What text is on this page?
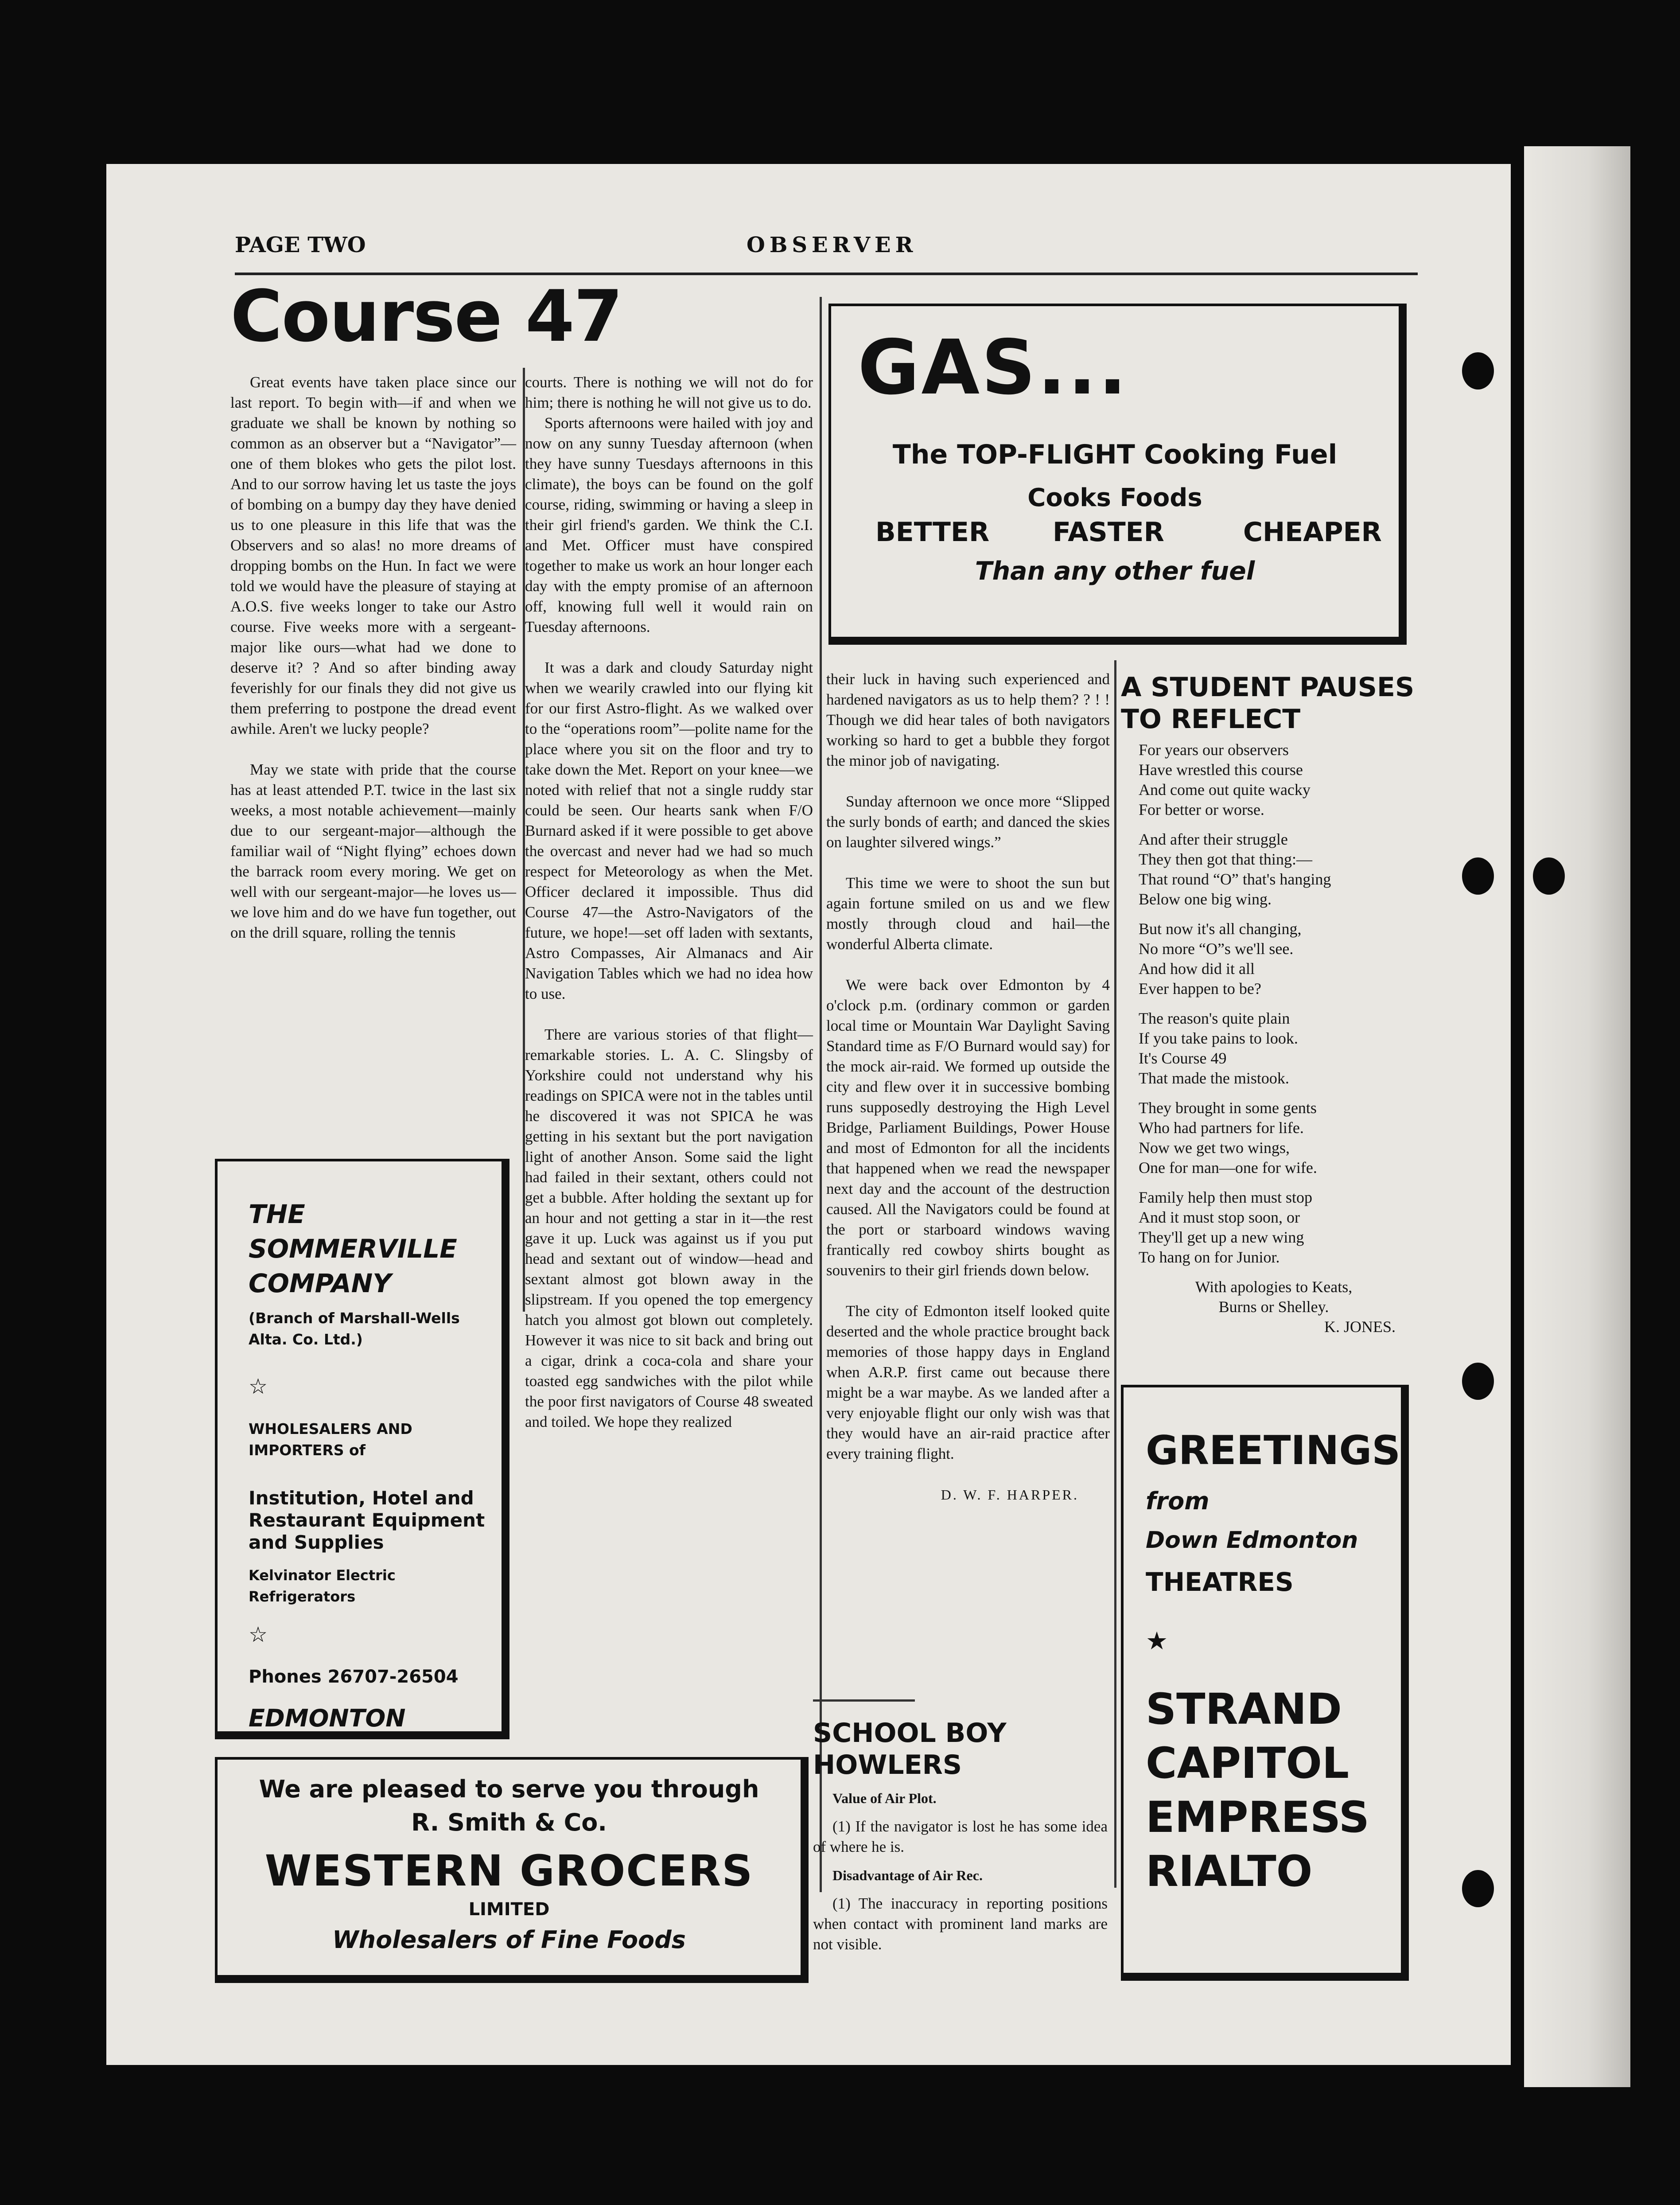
PAGE TWO	OBSERVER
Course 47

Great events have taken place since our last report. To begin with—if and when we graduate we shall be known by nothing so common as an observer but a “Navigator”—one of them blokes who gets the pilot lost. And to our sorrow having let us taste the joys of bombing on a bumpy day they have denied us to one pleasure in this life that was the Observers and so alas! no more dreams of dropping bombs on the Hun. In fact we were told we would have the pleasure of staying at A.O.S. five weeks longer to take our Astro course. Five weeks more with a sergeant-major like ours—what had we done to deserve it? ? And so after binding away feverishly for our finals they did not give us them preferring to postpone the dread event awhile. Aren't we lucky people?

May we state with pride that the course has at least attended P.T. twice in the last six weeks, a most notable achievement—mainly due to our sergeant-major—although the familiar wail of “Night flying” echoes down the barrack room every moring. We get on well with our sergeant-major—he loves us—we love him and do we have fun together, out on the drill square, rolling the tennis

courts. There is nothing we will not do for him; there is nothing he will not give us to do.

Sports afternoons were hailed with joy and now on any sunny Tuesday afternoon (when they have sunny Tuesdays afternoons in this climate), the boys can be found on the golf course, riding, swimming or having a sleep in their girl friend's garden. We think the C.I. and Met. Officer must have conspired together to make us work an hour longer each day with the empty promise of an afternoon off, knowing full well it would rain on Tuesday afternoons.

It was a dark and cloudy Saturday night when we wearily crawled into our flying kit for our first Astro-flight. As we walked over to the “operations room”—polite name for the place where you sit on the floor and try to take down the Met. Report on your knee—we noted with relief that not a single ruddy star could be seen. Our hearts sank when F/O Burnard asked if it were possible to get above the overcast and never had we had so much respect for Meteorology as when the Met. Officer declared it impossible. Thus did Course 47—the Astro-Navigators of the future, we hope!—set off laden with sextants, Astro Compasses, Air Almanacs and Air Navigation Tables which we had no idea how to use.

There are various stories of that flight—remarkable stories. L. A. C. Slingsby of Yorkshire could not understand why his readings on SPICA were not in the tables until he discovered it was not SPICA he was getting in his sextant but the port navigation light of another Anson. Some said the light had failed in their sextant, others could not get a bubble. After holding the sextant up for an hour and not getting a star in it—the rest gave it up. Luck was against us if you put head and sextant out of window—head and sextant almost got blown away in the slipstream. If you opened the top emergency hatch you almost got blown out completely. However it was nice to sit back and bring out a cigar, drink a coca-cola and share your toasted egg sandwiches with the pilot while the poor first navigators of Course 48 sweated and toiled. We hope they realized

their luck in having such experienced and hardened navigators as us to help them? ? ! ! Though we did hear tales of both navigators working so hard to get a bubble they forgot the minor job of navigating.

Sunday afternoon we once more “Slipped the surly bonds of earth; and danced the skies on laughter silvered wings.”

This time we were to shoot the sun but again fortune smiled on us and we flew mostly through cloud and hail—the wonderful Alberta climate.

We were back over Edmonton by 4 o'clock p.m. (ordinary common or garden local time or Mountain War Daylight Saving Standard time as F/O Burnard would say) for the mock air-raid. We formed up outside the city and flew over it in successive bombing runs supposedly destroying the High Level Bridge, Parliament Buildings, Power House and most of Edmonton for all the incidents that happened when we read the newspaper next day and the account of the destruction caused. All the Navigators could be found at the port or starboard windows waving frantically red cowboy shirts bought as souvenirs to their girl friends down below.

The city of Edmonton itself looked quite deserted and the whole practice brought back memories of those happy days in England when A.R.P. first came out because there might be a war maybe. As we landed after a very enjoyable flight our only wish was that they would have an air-raid practice after every training flight.

D. W. F. HARPER.

GAS...
The TOP-FLIGHT Cooking Fuel
Cooks Foods
BETTER FASTER	CHEAPER
Than any other fuel
THE
SOMMERVILLE
COMPANY
(Branch of Marshall-Wells Alta. Co. Ltd.)
☆
WHOLESALERS AND IMPORTERS of
Institution, Hotel and Restaurant Equipment and Supplies
Kelvinator Electric Refrigerators
☆
Phones 26707-26504
EDMONTON
We are pleased to serve you through
R. Smith & Co.
WESTERN GROCERS
LIMITED
Wholesalers of Fine Foods
A STUDENT PAUSES
TO REFLECT

For years our observers
Have wrestled this course
And come out quite wacky
For better or worse.

And after their struggle
They then got that thing:—
That round “O” that's hanging
Below one big wing.

But now it's all changing,
No more “O”s we'll see.
And how did it all
Ever happen to be?

The reason's quite plain
If you take pains to look.
It's Course 49
That made the mistook.

They brought in some gents
Who had partners for life.
Now we get two wings,
One for man—one for wife.

Family help then must stop
And it must stop soon, or
They'll get up a new wing
To hang on for Junior.

With apologies to Keats,
Burns or Shelley.

K. JONES.

SCHOOL BOY
HOWLERS

Value of Air Plot.

(1) If the navigator is lost he has some idea of where he is.

Disadvantage of Air Rec.

(1) The inaccuracy in reporting positions when contact with prominent land marks are not visible.

GREETINGS
from
Down Edmonton
THEATRES
★
STRAND
CAPITOL
EMPRESS
RIALTO
